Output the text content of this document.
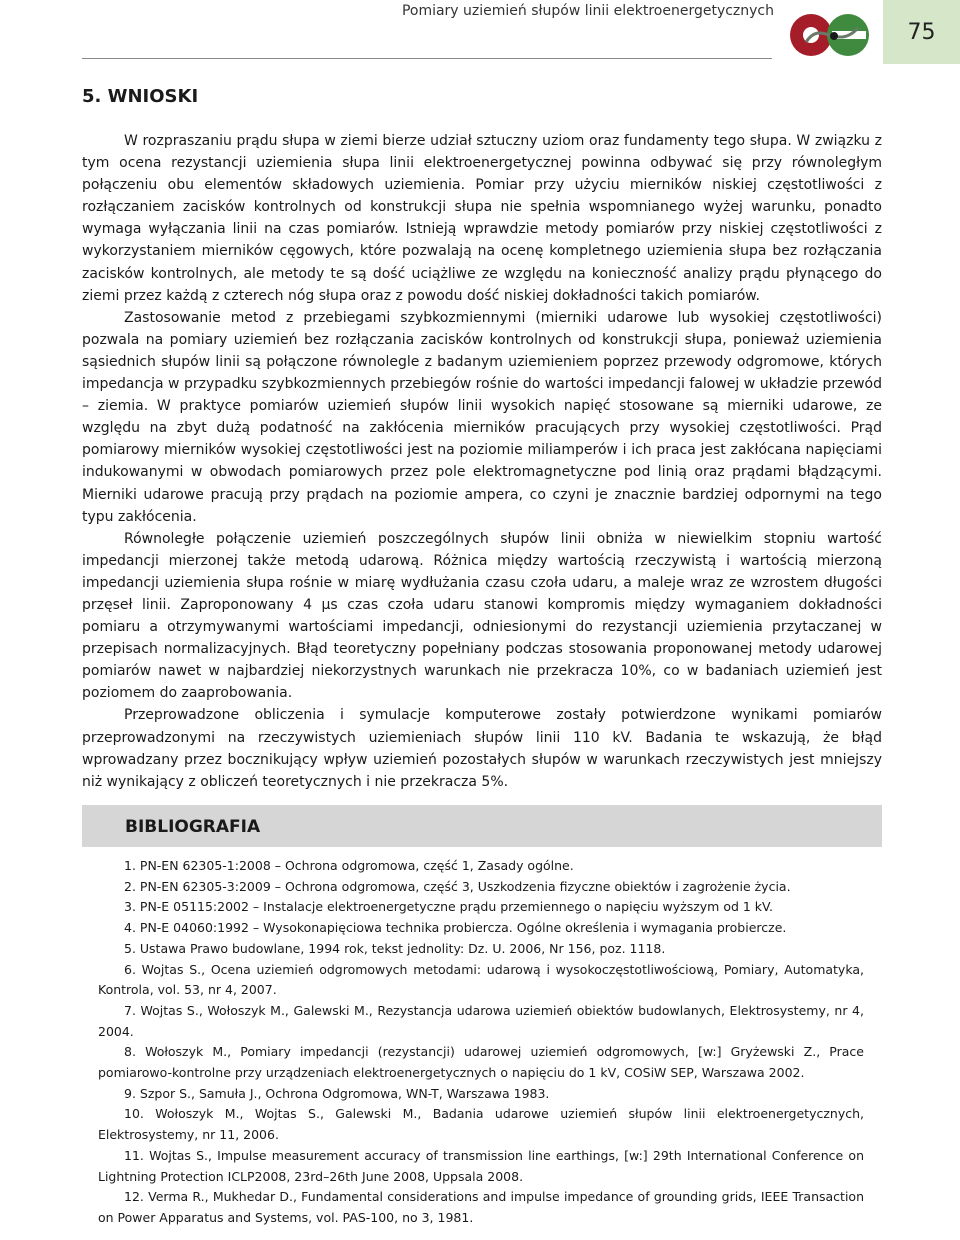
Pomiary uziemień słupów linii elektroenergetycznych
75
5. WNIOSKI

W rozpraszaniu prądu słupa w ziemi bierze udział sztuczny uziom oraz fundamenty tego słupa. W związku z tym ocena rezystancji uziemienia słupa linii elektroenergetycznej powinna odbywać się przy równoległym połączeniu obu elementów składowych uziemienia. Pomiar przy użyciu mierników niskiej częstotliwości z rozłączaniem zacisków kontrolnych od konstrukcji słupa nie spełnia wspomnianego wyżej warunku, ponadto wymaga wyłączania linii na czas pomiarów. Istnieją wprawdzie metody pomiarów przy niskiej częstotliwości z wykorzystaniem mierników cęgowych, które pozwalają na ocenę kompletnego uziemienia słupa bez rozłączania zacisków kontrolnych, ale metody te są dość uciążliwe ze względu na konieczność analizy prądu płynącego do ziemi przez każdą z czterech nóg słupa oraz z powodu dość niskiej dokładności takich pomiarów.

Zastosowanie metod z przebiegami szybkozmiennymi (mierniki udarowe lub wysokiej częstotliwości) pozwala na pomiary uziemień bez rozłączania zacisków kontrolnych od konstrukcji słupa, ponieważ uziemienia sąsiednich słupów linii są połączone równolegle z badanym uziemieniem poprzez przewody odgromowe, których impedancja w przypadku szybkozmiennych przebiegów rośnie do wartości impedancji falowej w układzie przewód – ziemia. W praktyce pomiarów uziemień słupów linii wysokich napięć stosowane są mierniki udarowe, ze względu na zbyt dużą podatność na zakłócenia mierników pracujących przy wysokiej częstotliwości. Prąd pomiarowy mierników wysokiej częstotliwości jest na poziomie miliamperów i ich praca jest zakłócana napięciami indukowanymi w obwodach pomiarowych przez pole elektromagnetyczne pod linią oraz prądami błądzącymi. Mierniki udarowe pracują przy prądach na poziomie ampera, co czyni je znacznie bardziej odpornymi na tego typu zakłócenia.

Równoległe połączenie uziemień poszczególnych słupów linii obniża w niewielkim stopniu wartość impedancji mierzonej także metodą udarową. Różnica między wartością rzeczywistą i wartością mierzoną impedancji uziemienia słupa rośnie w miarę wydłużania czasu czoła udaru, a maleje wraz ze wzrostem długości przęseł linii. Zaproponowany 4 μs czas czoła udaru stanowi kompromis między wymaganiem dokładności pomiaru a otrzymywanymi wartościami impedancji, odniesionymi do rezystancji uziemienia przytaczanej w przepisach normalizacyjnych. Błąd teoretyczny popełniany podczas stosowania proponowanej metody udarowej pomiarów nawet w najbardziej niekorzystnych warunkach nie przekracza 10%, co w badaniach uziemień jest poziomem do zaaprobowania.

Przeprowadzone obliczenia i symulacje komputerowe zostały potwierdzone wynikami pomiarów przeprowadzonymi na rzeczywistych uziemieniach słupów linii 110 kV. Badania te wskazują, że błąd wprowadzany przez bocznikujący wpływ uziemień pozostałych słupów w warunkach rzeczywistych jest mniejszy niż wynikający z obliczeń teoretycznych i nie przekracza 5%.

BIBLIOGRAFIA

1. PN-EN 62305-1:2008 – Ochrona odgromowa, część 1, Zasady ogólne.

2. PN-EN 62305-3:2009 – Ochrona odgromowa, część 3, Uszkodzenia fizyczne obiektów i zagrożenie życia.

3. PN-E 05115:2002 – Instalacje elektroenergetyczne prądu przemiennego o napięciu wyższym od 1 kV.

4. PN-E 04060:1992 – Wysokonapięciowa technika probiercza. Ogólne określenia i wymagania probiercze.

5. Ustawa Prawo budowlane, 1994 rok, tekst jednolity: Dz. U. 2006, Nr 156, poz. 1118.

6. Wojtas S., Ocena uziemień odgromowych metodami: udarową i wysokoczęstotliwościową, Pomiary, Automatyka, Kontrola, vol. 53, nr 4, 2007.

7. Wojtas S., Wołoszyk M., Galewski M., Rezystancja udarowa uziemień obiektów budowlanych, Elektrosystemy, nr 4, 2004.

8. Wołoszyk M., Pomiary impedancji (rezystancji) udarowej uziemień odgromowych, [w:] Gryżewski Z., Prace pomiarowo-kontrolne przy urządzeniach elektroenergetycznych o napięciu do 1 kV, COSiW SEP, Warszawa 2002.

9. Szpor S., Samuła J., Ochrona Odgromowa, WN-T, Warszawa 1983.

10. Wołoszyk M., Wojtas S., Galewski M., Badania udarowe uziemień słupów linii elektroenergetycznych, Elektrosystemy, nr 11, 2006.

11. Wojtas S., Impulse measurement accuracy of transmission line earthings, [w:] 29th International Conference on Lightning Protection ICLP2008, 23rd–26th June 2008, Uppsala 2008.

12. Verma R., Mukhedar D., Fundamental considerations and impulse impedance of grounding grids, IEEE Transaction on Power Apparatus and Systems, vol. PAS-100, no 3, 1981.
